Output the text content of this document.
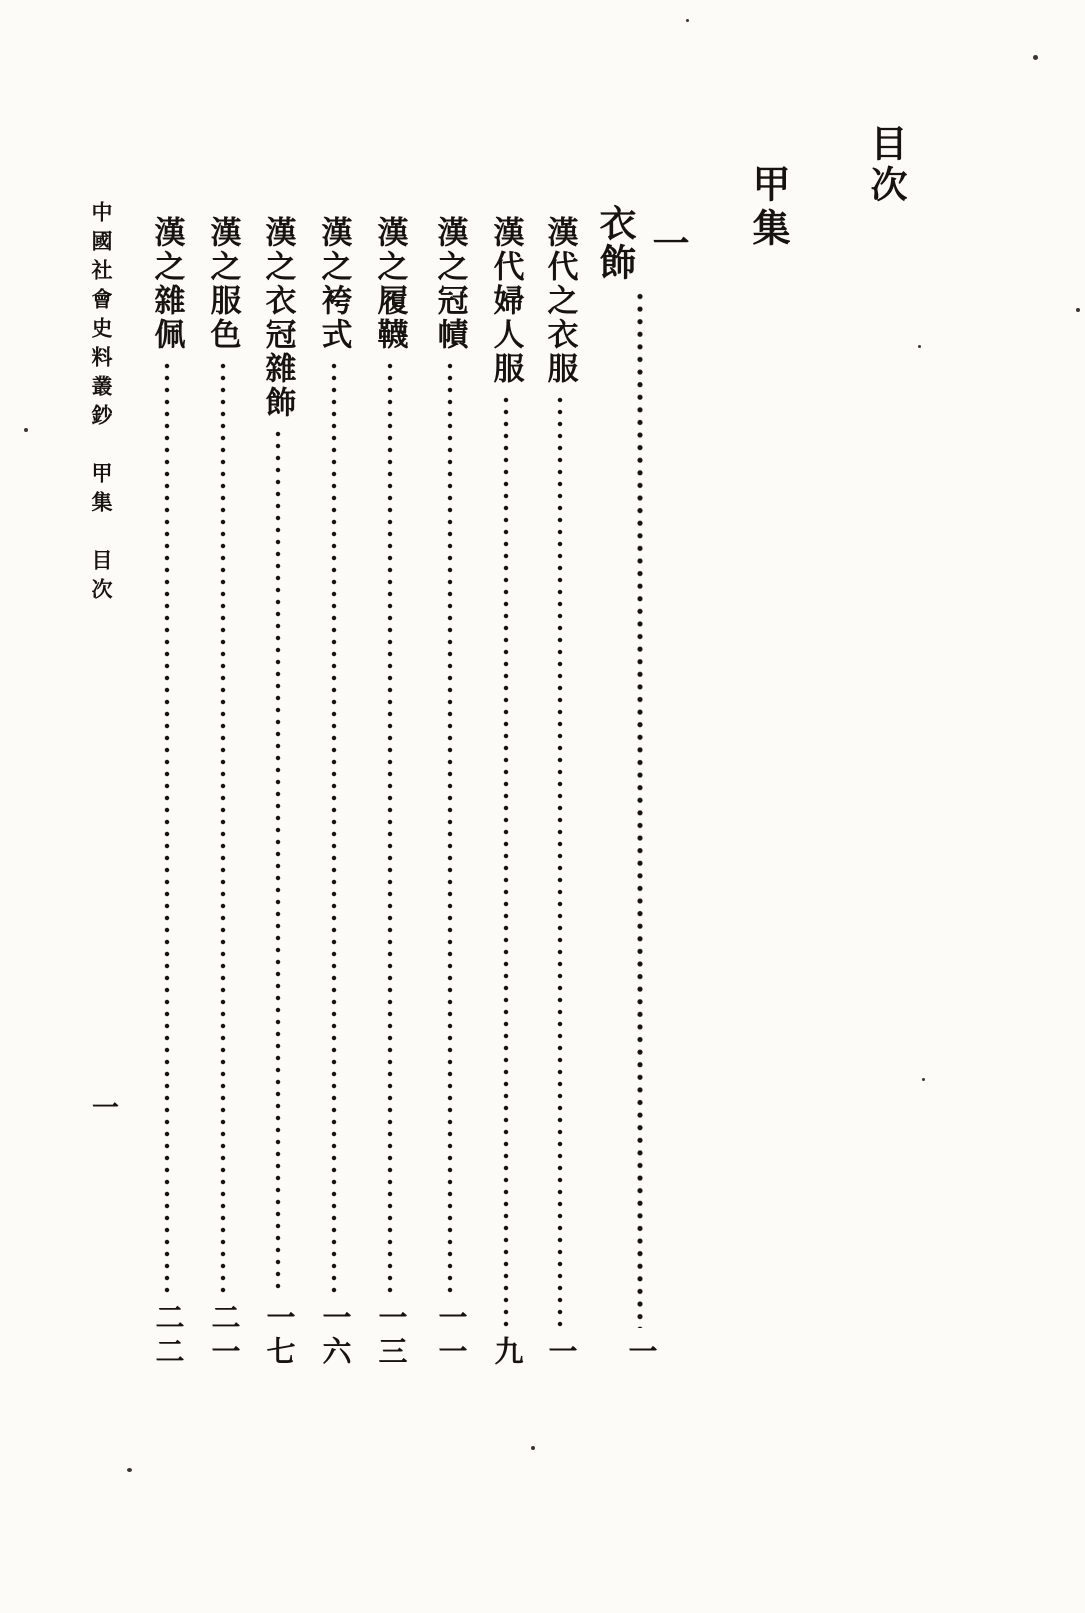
目次
甲集
一
衣飾
一
漢代之衣服
一
漢代婦人服
九
漢之冠幘
一一
漢之履韈
一三
漢之袴式
一六
漢之衣冠雜飾
一七
漢之服色
二一
漢之雜佩
二二
中國社會史料叢鈔　甲集　目次
一
